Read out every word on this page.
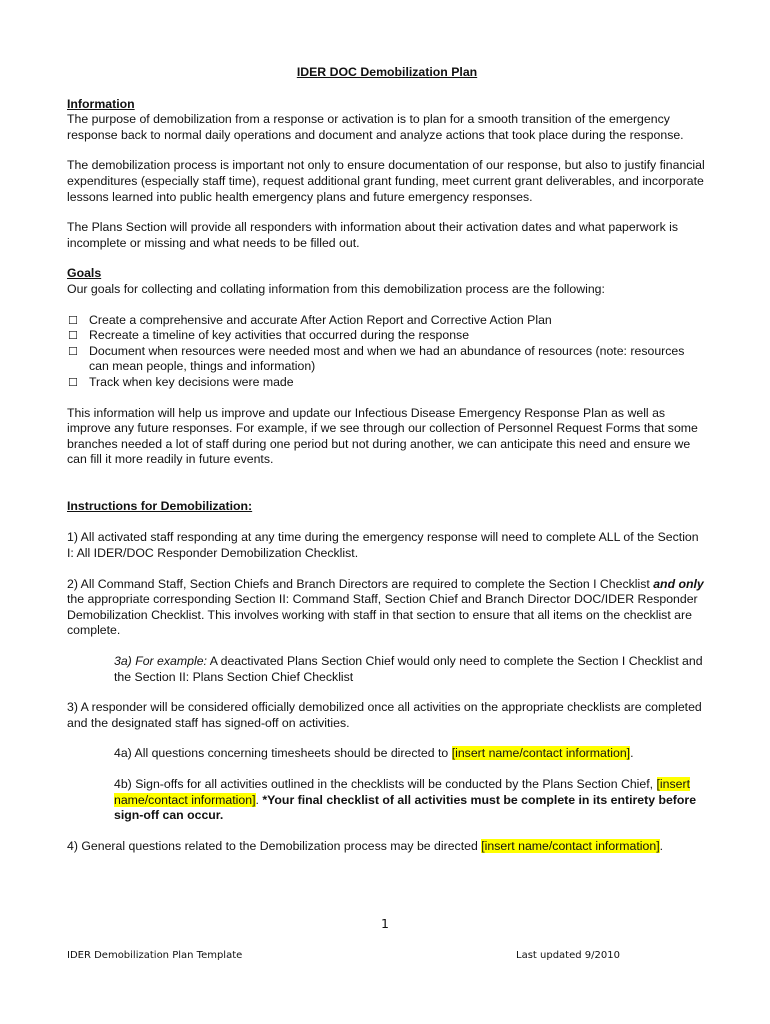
IDER DOC Demobilization Plan
Information

The purpose of demobilization from a response or activation is to plan for a smooth transition of the emergency response back to normal daily operations and document and analyze actions that took place during the response.

The demobilization process is important not only to ensure documentation of our response, but also to justify financial expenditures (especially staff time), request additional grant funding, meet current grant deliverables, and incorporate lessons learned into public health emergency plans and future emergency responses.

The Plans Section will provide all responders with information about their activation dates and what paperwork is incomplete or missing and what needs to be filled out.

Goals

Our goals for collecting and collating information from this demobilization process are the following:

☐ Create a comprehensive and accurate After Action Report and Corrective Action Plan
☐ Recreate a timeline of key activities that occurred during the response
☐ Document when resources were needed most and when we had an abundance of resources (note: resources can mean people, things and information)
☐ Track when key decisions were made

This information will help us improve and update our Infectious Disease Emergency Response Plan as well as improve any future responses. For example, if we see through our collection of Personnel Request Forms that some branches needed a lot of staff during one period but not during another, we can anticipate this need and ensure we can fill it more readily in future events.

Instructions for Demobilization:

1) All activated staff responding at any time during the emergency response will need to complete ALL of the Section I: All IDER/DOC Responder Demobilization Checklist.

2) All Command Staff, Section Chiefs and Branch Directors are required to complete the Section I Checklist and only the appropriate corresponding Section II: Command Staff, Section Chief and Branch Director DOC/IDER Responder Demobilization Checklist. This involves working with staff in that section to ensure that all items on the checklist are complete.

3a) For example: A deactivated Plans Section Chief would only need to complete the Section I Checklist and the Section II: Plans Section Chief Checklist

3) A responder will be considered officially demobilized once all activities on the appropriate checklists are completed and the designated staff has signed-off on activities.

4a) All questions concerning timesheets should be directed to [insert name/contact information].

4b) Sign-offs for all activities outlined in the checklists will be conducted by the Plans Section Chief, [insert name/contact information]. *Your final checklist of all activities must be complete in its entirety before sign-off can occur.

4) General questions related to the Demobilization process may be directed [insert name/contact information].

1
IDER Demobilization Plan Template	Last updated 9/2010
